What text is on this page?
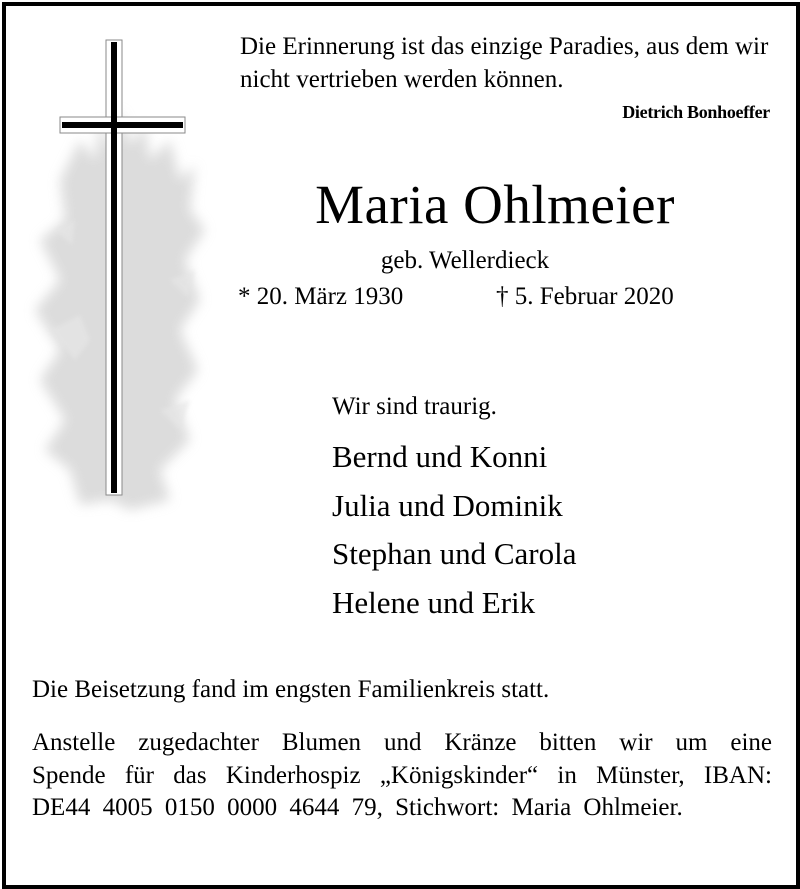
Die Erinnerung ist das einzige Paradies, aus dem wir nicht vertrieben werden können.
Dietrich Bonhoeffer
Maria Ohlmeier
geb. Wellerdieck
* 20. März 1930	† 5. Februar 2020
Wir sind traurig.
Bernd und Konni
Julia und Dominik
Stephan und Carola
Helene und Erik
Die Beisetzung fand im engsten Familienkreis statt.
Anstelle zugedachter Blumen und Kränze bitten wir um eine Spende für das Kinderhospiz „Königskinder“ in Münster, IBAN: DE44 4005 0150 0000 4644 79, Stichwort: Maria Ohlmeier.
